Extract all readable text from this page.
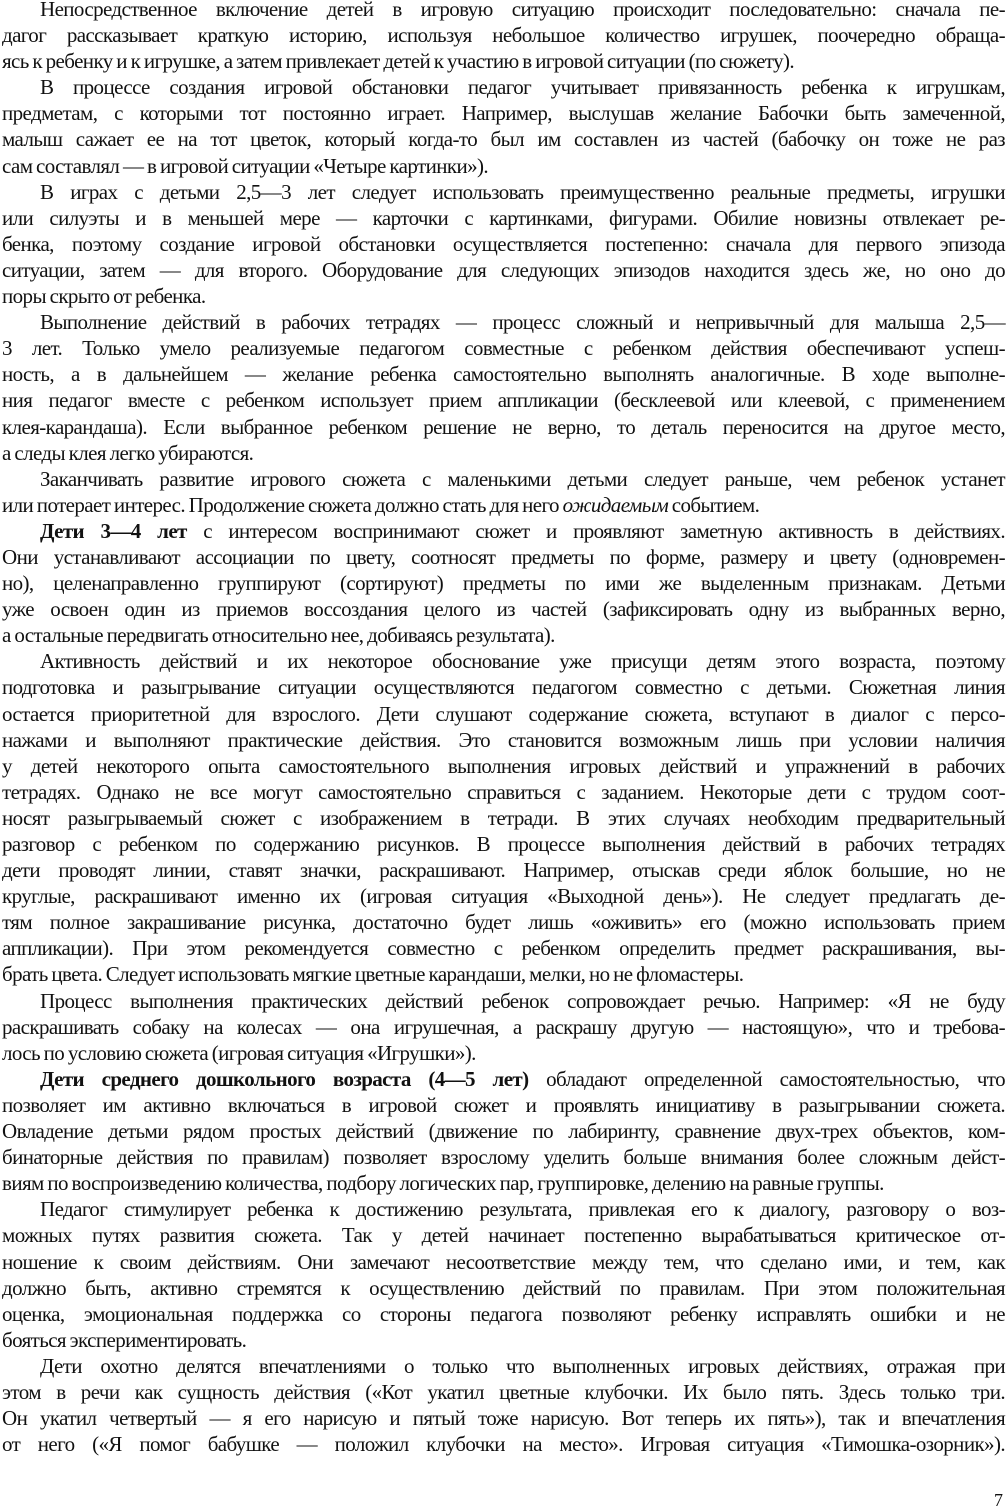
Непосредственное включение детей в игровую ситуацию происходит последовательно: сначала пе-
дагог рассказывает краткую историю, используя небольшое количество игрушек, поочередно обраща-
ясь к ребенку и к игрушке, а затем привлекает детей к участию в игровой ситуации (по сюжету).
В процессе создания игровой обстановки педагог учитывает привязанность ребенка к игрушкам,
предметам, с которыми тот постоянно играет. Например, выслушав желание Бабочки быть замеченной,
малыш сажает ее на тот цветок, который когда-то был им составлен из частей (бабочку он тоже не раз
сам составлял — в игровой ситуации «Четыре картинки»).
В играх с детьми 2,5—3 лет следует использовать преимущественно реальные предметы, игрушки
или силуэты и в меньшей мере — карточки с картинками, фигурами. Обилие новизны отвлекает ре-
бенка, поэтому создание игровой обстановки осуществляется постепенно: сначала для первого эпизода
ситуации, затем — для второго. Оборудование для следующих эпизодов находится здесь же, но оно до
поры скрыто от ребенка.
Выполнение действий в рабочих тетрадях — процесс сложный и непривычный для малыша 2,5—
3 лет. Только умело реализуемые педагогом совместные с ребенком действия обеспечивают успеш-
ность, а в дальнейшем — желание ребенка самостоятельно выполнять аналогичные. В ходе выполне-
ния педагог вместе с ребенком использует прием аппликации (бесклеевой или клеевой, с применением
клея-карандаша). Если выбранное ребенком решение не верно, то деталь переносится на другое место,
а следы клея легко убираются.
Заканчивать развитие игрового сюжета с маленькими детьми следует раньше, чем ребенок устанет
или потерает интерес. Продолжение сюжета должно стать для него ожидаемым событием.
Дети 3—4 лет с интересом воспринимают сюжет и проявляют заметную активность в действиях.
Они устанавливают ассоциации по цвету, соотносят предметы по форме, размеру и цвету (одновремен-
но), целенаправленно группируют (сортируют) предметы по ими же выделенным признакам. Детьми
уже освоен один из приемов воссоздания целого из частей (зафиксировать одну из выбранных верно,
а остальные передвигать относительно нее, добиваясь результата).
Активность действий и их некоторое обоснование уже присущи детям этого возраста, поэтому
подготовка и разыгрывание ситуации осуществляются педагогом совместно с детьми. Сюжетная линия
остается приоритетной для взрослого. Дети слушают содержание сюжета, вступают в диалог с персо-
нажами и выполняют практические действия. Это становится возможным лишь при условии наличия
у детей некоторого опыта самостоятельного выполнения игровых действий и упражнений в рабочих
тетрадях. Однако не все могут самостоятельно справиться с заданием. Некоторые дети с трудом соот-
носят разыгрываемый сюжет с изображением в тетради. В этих случаях необходим предварительный
разговор с ребенком по содержанию рисунков. В процессе выполнения действий в рабочих тетрадях
дети проводят линии, ставят значки, раскрашивают. Например, отыскав среди яблок большие, но не
круглые, раскрашивают именно их (игровая ситуация «Выходной день»). Не следует предлагать де-
тям полное закрашивание рисунка, достаточно будет лишь «оживить» его (можно использовать прием
аппликации). При этом рекомендуется совместно с ребенком определить предмет раскрашивания, вы-
брать цвета. Следует использовать мягкие цветные карандаши, мелки, но не фломастеры.
Процесс выполнения практических действий ребенок сопровождает речью. Например: «Я не буду
раскрашивать собаку на колесах — она игрушечная, а раскрашу другую — настоящую», что и требова-
лось по условию сюжета (игровая ситуация «Игрушки»).
Дети среднего дошкольного возраста (4—5 лет) обладают определенной самостоятельностью, что
позволяет им активно включаться в игровой сюжет и проявлять инициативу в разыгрывании сюжета.
Овладение детьми рядом простых действий (движение по лабиринту, сравнение двух-трех объектов, ком-
бинаторные действия по правилам) позволяет взрослому уделить больше внимания более сложным дейст-
виям по воспроизведению количества, подбору логических пар, группировке, делению на равные группы.
Педагог стимулирует ребенка к достижению результата, привлекая его к диалогу, разговору о воз-
можных путях развития сюжета. Так у детей начинает постепенно вырабатываться критическое от-
ношение к своим действиям. Они замечают несоответствие между тем, что сделано ими, и тем, как
должно быть, активно стремятся к осуществлению действий по правилам. При этом положительная
оценка, эмоциональная поддержка со стороны педагога позволяют ребенку исправлять ошибки и не
бояться экспериментировать.
Дети охотно делятся впечатлениями о только что выполненных игровых действиях, отражая при
этом в речи как сущность действия («Кот укатил цветные клубочки. Их было пять. Здесь только три.
Он укатил четвертый — я его нарисую и пятый тоже нарисую. Вот теперь их пять»), так и впечатления
от него («Я помог бабушке — положил клубочки на место». Игровая ситуация «Тимошка-озорник»).
7
